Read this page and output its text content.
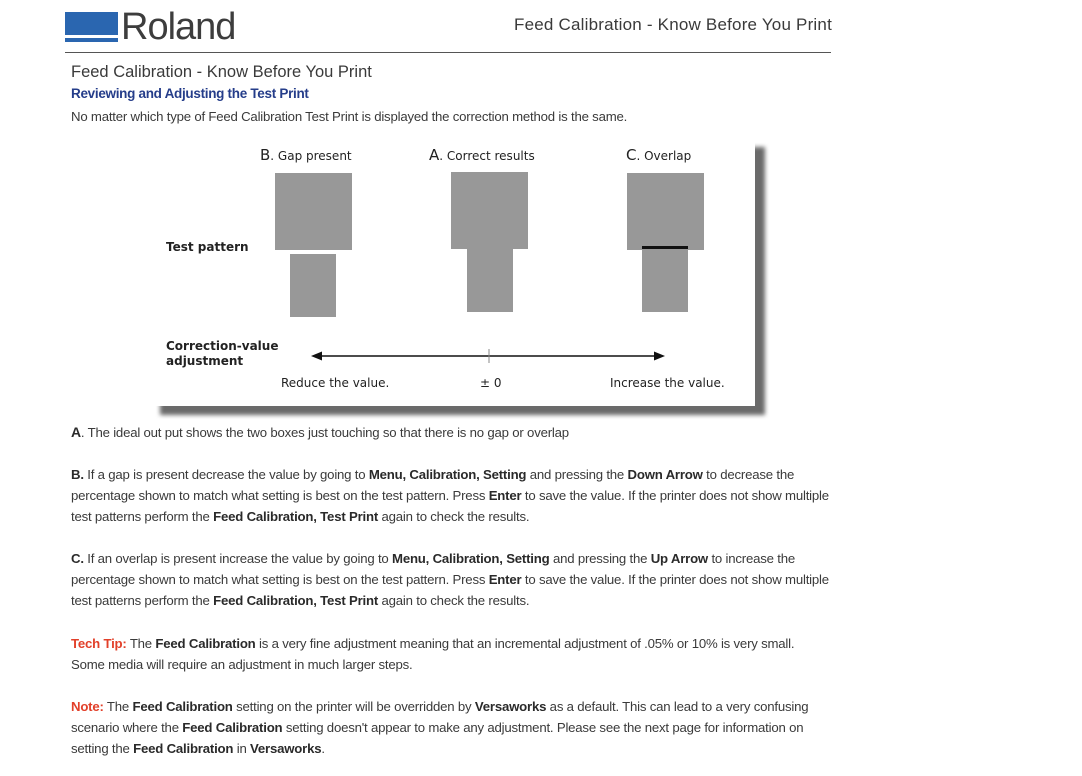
Roland	Feed Calibration - Know Before You Print
Feed Calibration - Know Before You Print
Reviewing and Adjusting the Test Print
No matter which type of Feed Calibration Test Print is displayed the correction method is the same.
B. Gap present	A. Correct results	C. Overlap
Test pattern
Correction-value
adjustment
Reduce the value.	± 0	Increase the value.
A. The ideal out put shows the two boxes just touching so that there is no gap or overlap
B. If a gap is present decrease the value by going to Menu, Calibration, Setting and pressing the Down Arrow to decrease the
percentage shown to match what setting is best on the test pattern. Press Enter to save the value. If the printer does not show multiple
test patterns perform the Feed Calibration, Test Print again to check the results.
C. If an overlap is present increase the value by going to Menu, Calibration, Setting and pressing the Up Arrow to increase the
percentage shown to match what setting is best on the test pattern. Press Enter to save the value. If the printer does not show multiple
test patterns perform the Feed Calibration, Test Print again to check the results.
Tech Tip: The Feed Calibration is a very fine adjustment meaning that an incremental adjustment of .05% or 10% is very small.
Some media will require an adjustment in much larger steps.
Note: The Feed Calibration setting on the printer will be overridden by Versaworks as a default. This can lead to a very confusing
scenario where the Feed Calibration setting doesn't appear to make any adjustment. Please see the next page for information on
setting the Feed Calibration in Versaworks.
